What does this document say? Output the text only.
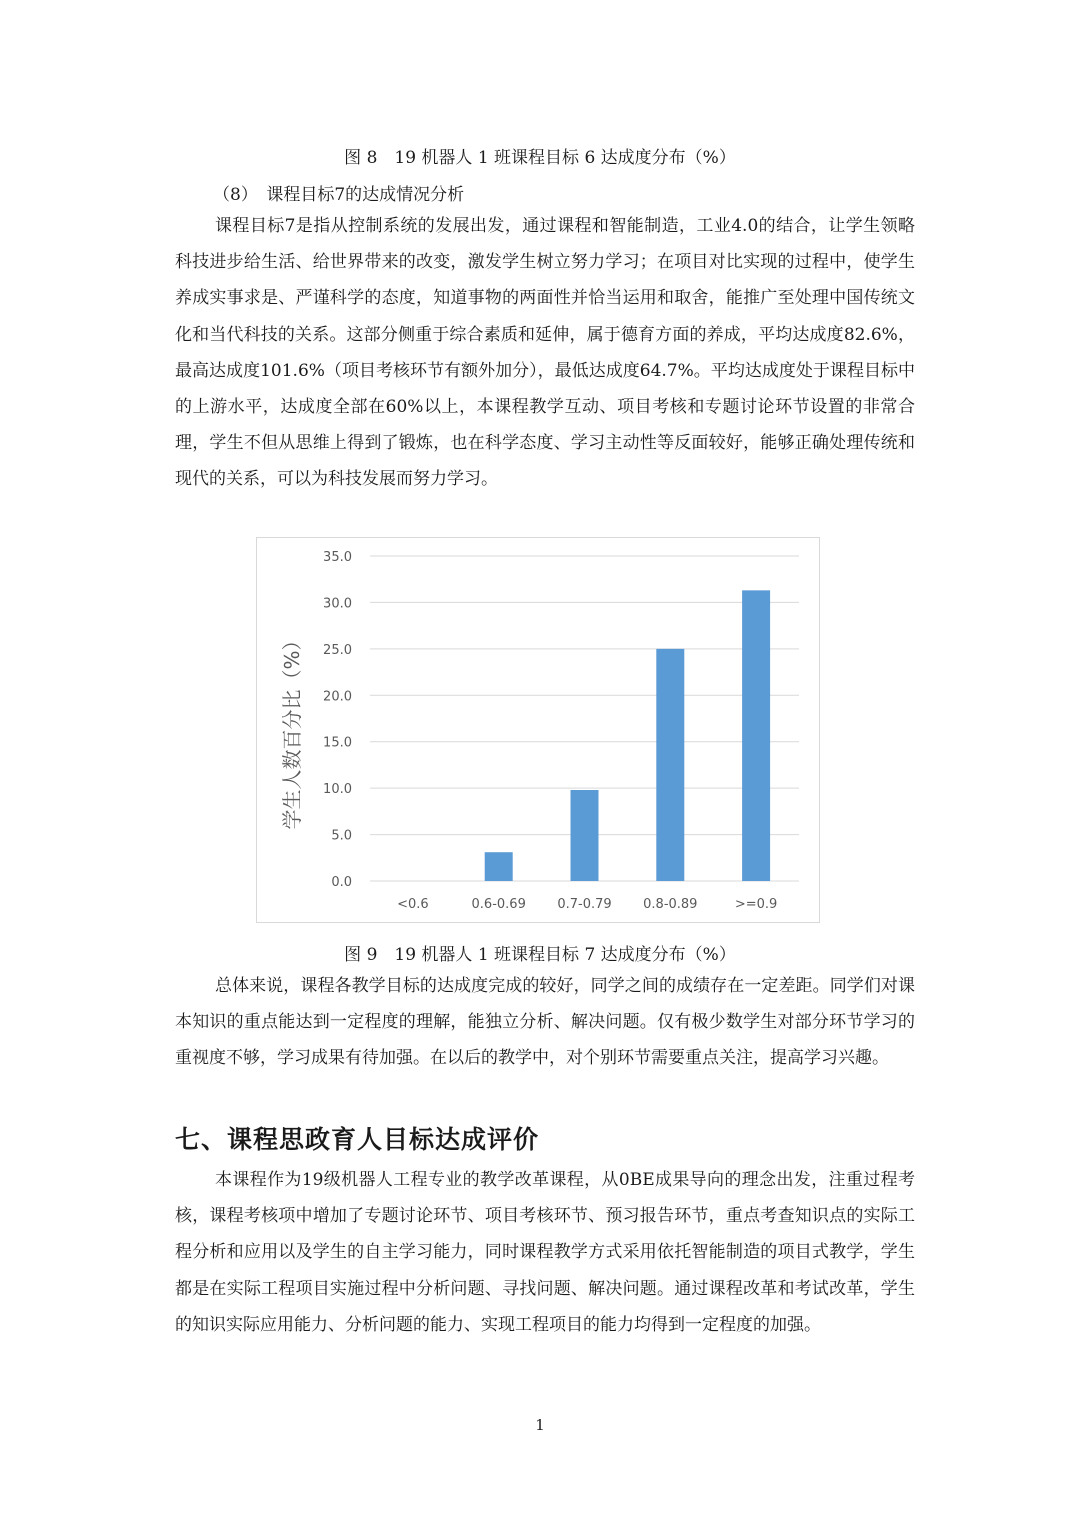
图 8　19 机器人 1 班课程目标 6 达成度分布（%）
（8）　课程目标7的达成情况分析

课程目标7是指从控制系统的发展出发，通过课程和智能制造，工业4.0的结合，让学生领略科技进步给生活、给世界带来的改变，激发学生树立努力学习；在项目对比实现的过程中，使学生养成实事求是、严谨科学的态度，知道事物的两面性并恰当运用和取舍，能推广至处理中国传统文化和当代科技的关系。这部分侧重于综合素质和延伸，属于德育方面的养成，平均达成度82.6%，最高达成度101.6%（项目考核环节有额外加分），最低达成度64.7%。平均达成度处于课程目标中的上游水平，达成度全部在60%以上，本课程教学互动、项目考核和专题讨论环节设置的非常合理，学生不但从思维上得到了锻炼，也在科学态度、学习主动性等反面较好，能够正确处理传统和现代的关系，可以为科技发展而努力学习。

0.0
5.0
10.0
15.0
20.0
25.0
30.0
35.0
<0.6	0.6-0.69 0.7-0.79 0.8-0.89	>=0.9
学生人数百分比（%）
图 9　19 机器人 1 班课程目标 7 达成度分布（%）

总体来说，课程各教学目标的达成度完成的较好，同学之间的成绩存在一定差距。同学们对课本知识的重点能达到一定程度的理解，能独立分析、解决问题。仅有极少数学生对部分环节学习的重视度不够，学习成果有待加强。在以后的教学中，对个别环节需要重点关注，提高学习兴趣。

七、课程思政育人目标达成评价

本课程作为19级机器人工程专业的教学改革课程，从0BE成果导向的理念出发，注重过程考核，课程考核项中增加了专题讨论环节、项目考核环节、预习报告环节，重点考查知识点的实际工程分析和应用以及学生的自主学习能力，同时课程教学方式采用依托智能制造的项目式教学，学生都是在实际工程项目实施过程中分析问题、寻找问题、解决问题。通过课程改革和考试改革，学生的知识实际应用能力、分析问题的能力、实现工程项目的能力均得到一定程度的加强。

1
